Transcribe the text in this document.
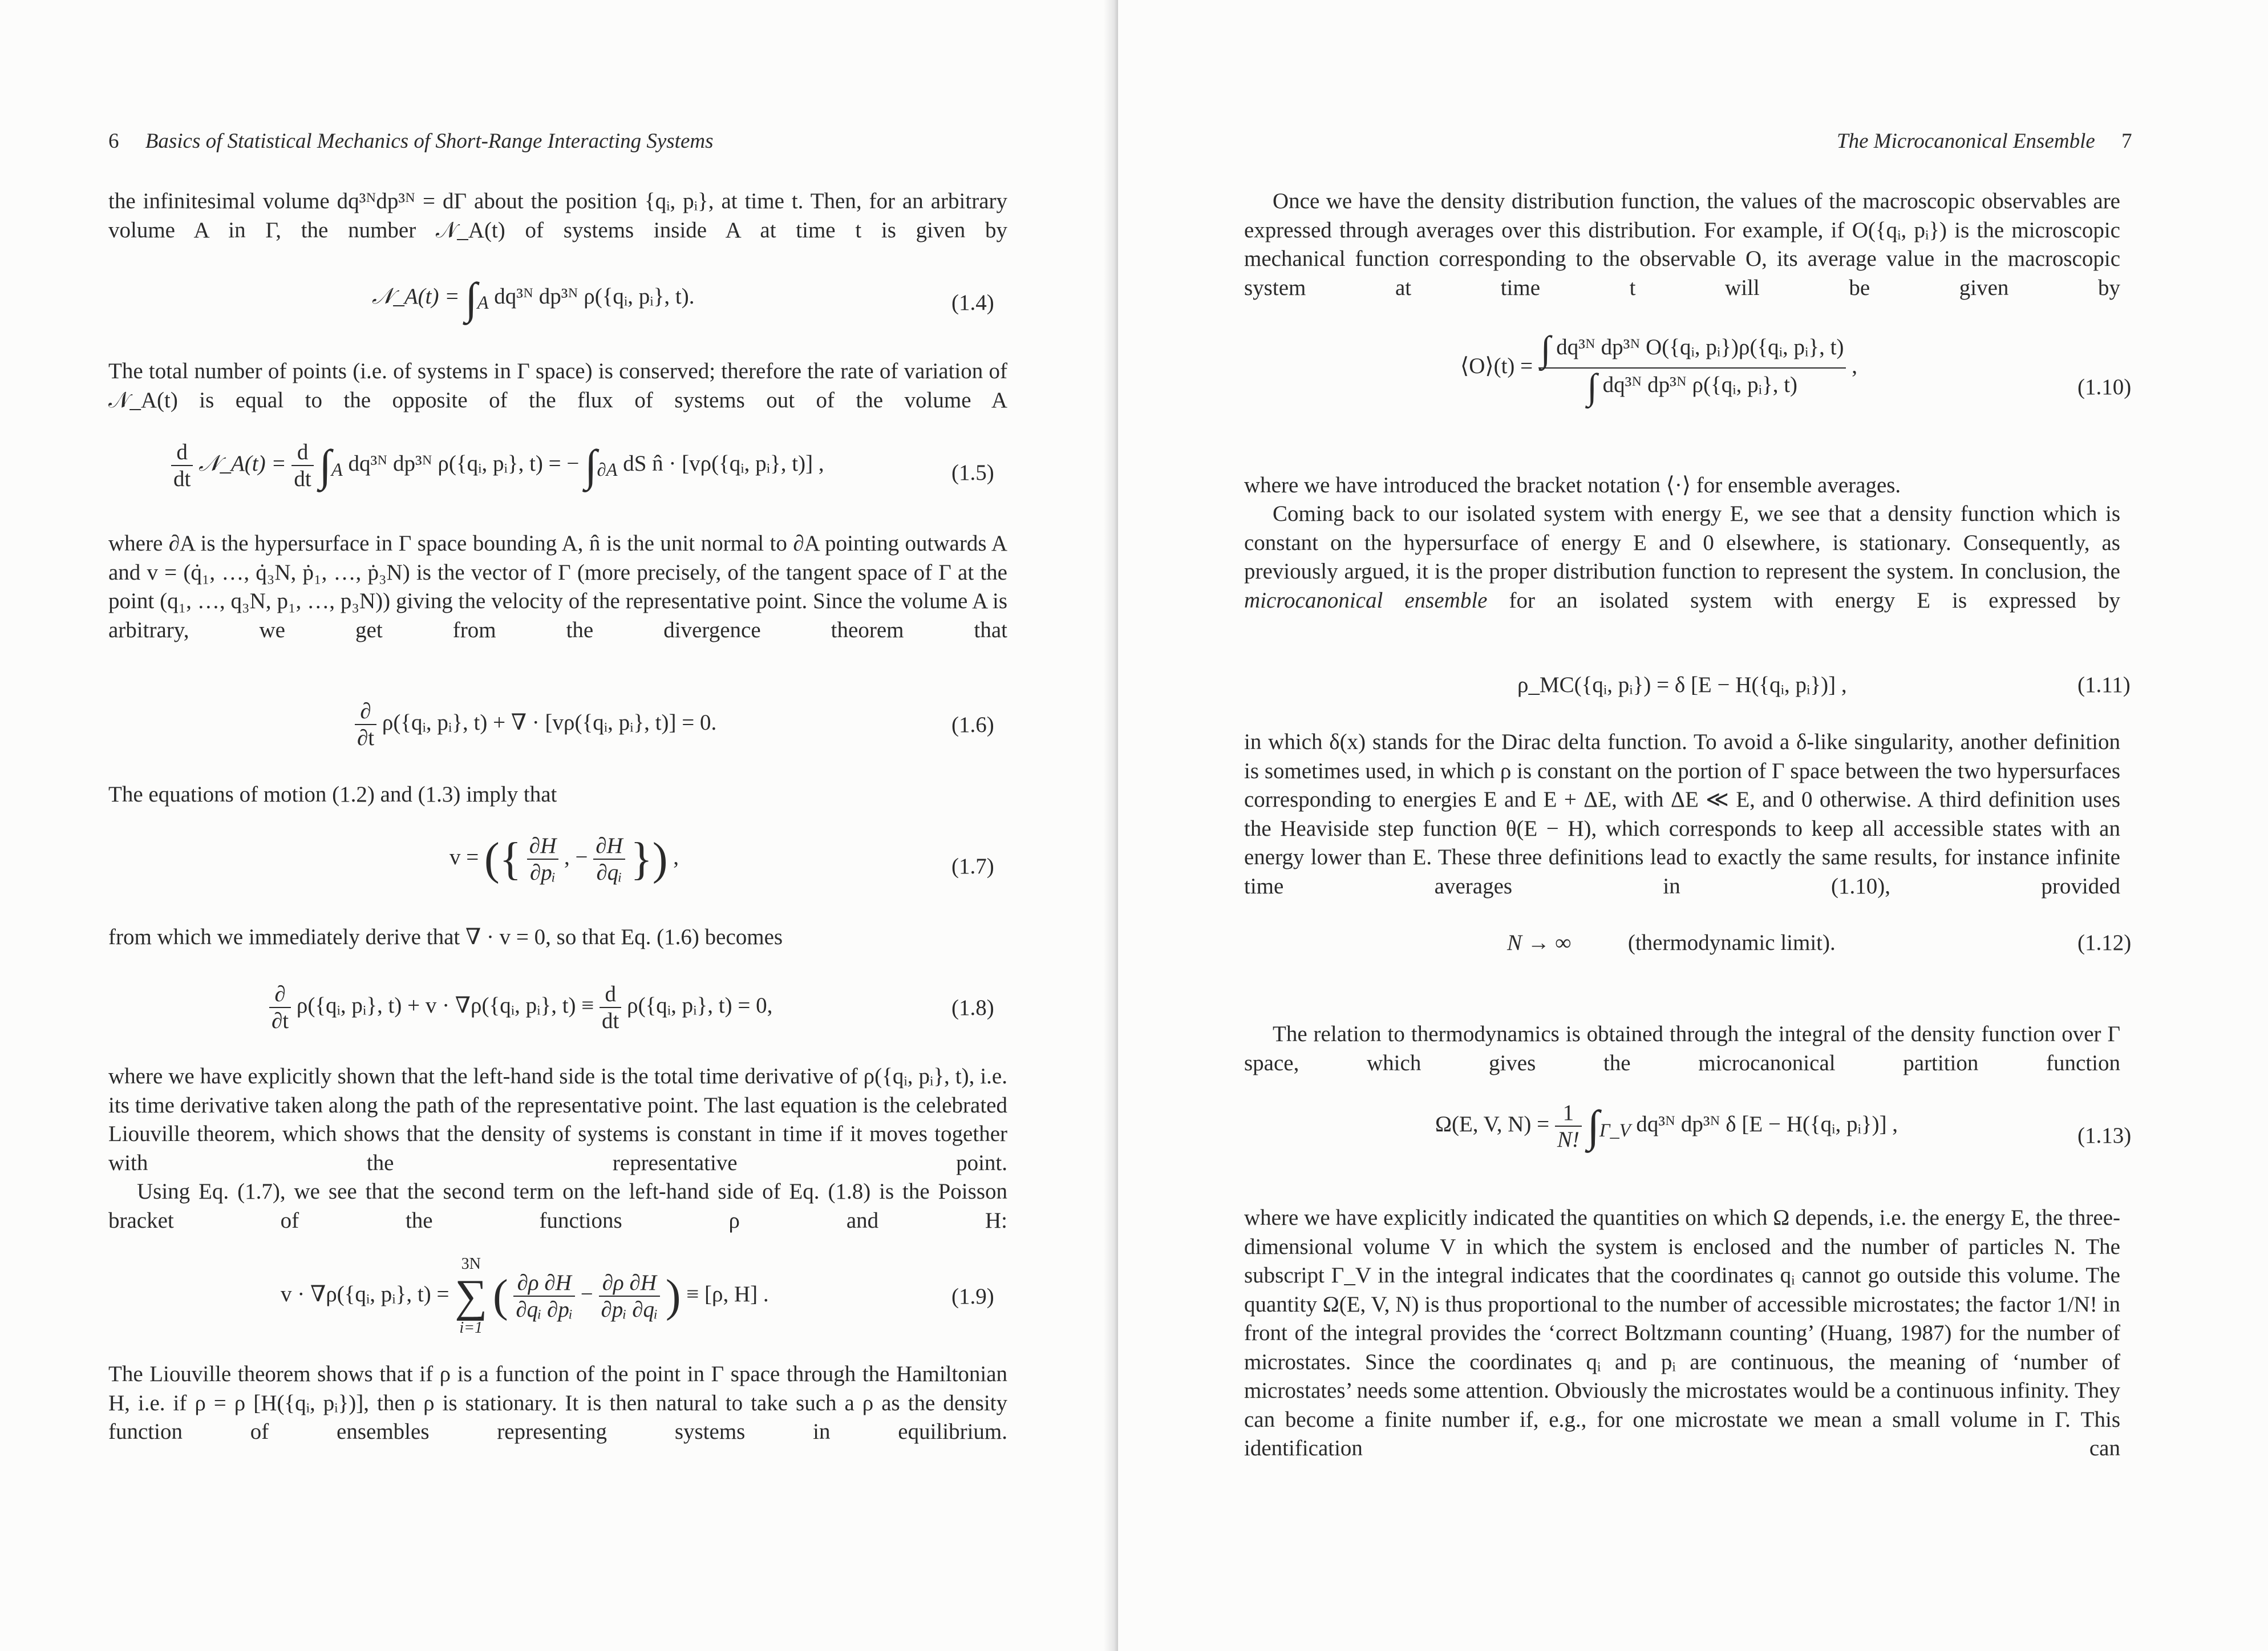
6 Basics of Statistical Mechanics of Short-Range Interacting Systems
the infinitesimal volume dq³ᴺdp³ᴺ = dΓ about the position {qᵢ, pᵢ}, at time t. Then, for an arbitrary volume A in Γ, the number 𝒩_A(t) of systems inside A at time t is given by
𝒩_A(t) = $\int_A$ dq³ᴺ dp³ᴺ ρ({qᵢ, pᵢ}, t).	(1.4)
The total number of points (i.e. of systems in Γ space) is conserved; therefore the rate of variation of 𝒩_A(t) is equal to the opposite of the flux of systems out of the volume A
$\frac{d}{dt}$ 𝒩_A(t) = $\frac{d}{dt} \int_A$ dq³ᴺ dp³ᴺ ρ({qᵢ, pᵢ}, t) = − $\int_{\partial A}$ dS n̂ · [vρ({qᵢ, pᵢ}, t)] ,	(1.5)
where ∂A is the hypersurface in Γ space bounding A, n̂ is the unit normal to ∂A pointing outwards A and v = (q̇₁, …, q̇₃N, ṗ₁, …, ṗ₃N) is the vector of Γ (more precisely, of the tangent space of Γ at the point (q₁, …, q₃N, p₁, …, p₃N)) giving the velocity of the representative point. Since the volume A is arbitrary, we get from the divergence theorem that
$\frac{\partial}{\partial t}$ ρ({qᵢ, pᵢ}, t) + ∇ · [vρ({qᵢ, pᵢ}, t)] = 0.	(1.6)
The equations of motion (1.2) and (1.3) imply that
v = ({ $\frac{\partial H}{\text{∂pᵢ}}$ , − $\frac{\partial H}{\text{∂qᵢ}}$ }) ,	(1.7)
from which we immediately derive that ∇ · v = 0, so that Eq. (1.6) becomes
$\frac{\partial}{\partial t}$ ρ({qᵢ, pᵢ}, t) + v · ∇ρ({qᵢ, pᵢ}, $t) \equiv \frac{d}{dt}$ ρ({qᵢ, pᵢ}, t) = 0,	(1.8)
where we have explicitly shown that the left-hand side is the total time derivative of ρ({qᵢ, pᵢ}, t), i.e. its time derivative taken along the path of the representative point. The last equation is the celebrated Liouville theorem, which shows that the density of systems is constant in time if it moves together with the representative point.
Using Eq. (1.7), we see that the second term on the left-hand side of Eq. (1.8) is the Poisson bracket of the functions ρ and H:
v · ∇ρ({qᵢ, pᵢ}, t) =
3N
∑
i=1
( $\frac{\partial\rho \partial H}{\text{∂qᵢ ∂pᵢ}} - \frac{\partial\rho \partial H}{\text{∂pᵢ ∂qᵢ}}$ ) ≡ [ρ, H] .	(1.9)
The Liouville theorem shows that if ρ is a function of the point in Γ space through the Hamiltonian H, i.e. if ρ = ρ [H({qᵢ, pᵢ})], then ρ is stationary. It is then natural to take such a ρ as the density function of ensembles representing systems in equilibrium.
The Microcanonical Ensemble 7
Once we have the density distribution function, the values of the macroscopic observables are expressed through averages over this distribution. For example, if O({qᵢ, pᵢ}) is the microscopic mechanical function corresponding to the observable O, its average value in the macroscopic system at time t will be given by
⟨O⟩(t) = $\frac{\text{∫ dq³ᴺ dp³ᴺ O(\{qᵢ, pᵢ\})ρ(\{qᵢ, pᵢ\}, t)}}{\text{∫ dq³ᴺ dp³ᴺ ρ(\{qᵢ, pᵢ\}, t)}}$ ,
(1.10)
where we have introduced the bracket notation ⟨·⟩ for ensemble averages.
Coming back to our isolated system with energy E, we see that a density function which is constant on the hypersurface of energy E and 0 elsewhere, is stationary. Consequently, as previously argued, it is the proper distribution function to represent the system. In conclusion, the microcanonical ensemble for an isolated system with energy E is expressed by
ρ_MC({qᵢ, pᵢ}) = δ [E − H({qᵢ, pᵢ})] ,	(1.11)
in which δ(x) stands for the Dirac delta function. To avoid a δ-like singularity, another definition is sometimes used, in which ρ is constant on the portion of Γ space between the two hypersurfaces corresponding to energies E and E + ΔE, with ΔE ≪ E, and 0 otherwise. A third definition uses the Heaviside step function θ(E − H), which corresponds to keep all accessible states with an energy lower than E. These three definitions lead to exactly the same results, for instance infinite time averages in (1.10), provided
N → ∞	(thermodynamic limit).	(1.12)
The relation to thermodynamics is obtained through the integral of the density function over Γ space, which gives the microcanonical partition function
Ω(E, V, $N) = \frac{1}{N!} \int_{\Gamma\_V}$ dq³ᴺ dp³ᴺ δ [E − H({qᵢ, pᵢ})] ,	(1.13)
where we have explicitly indicated the quantities on which Ω depends, i.e. the energy E, the three-dimensional volume V in which the system is enclosed and the number of particles N. The subscript Γ_V in the integral indicates that the coordinates qᵢ cannot go outside this volume. The quantity Ω(E, V, N) is thus proportional to the number of accessible microstates; the factor 1/N! in front of the integral provides the ‘correct Boltzmann counting’ (Huang, 1987) for the number of microstates. Since the coordinates qᵢ and pᵢ are continuous, the meaning of ‘number of microstates’ needs some attention. Obviously the microstates would be a continuous infinity. They can become a finite number if, e.g., for one microstate we mean a small volume in Γ. This identification can
